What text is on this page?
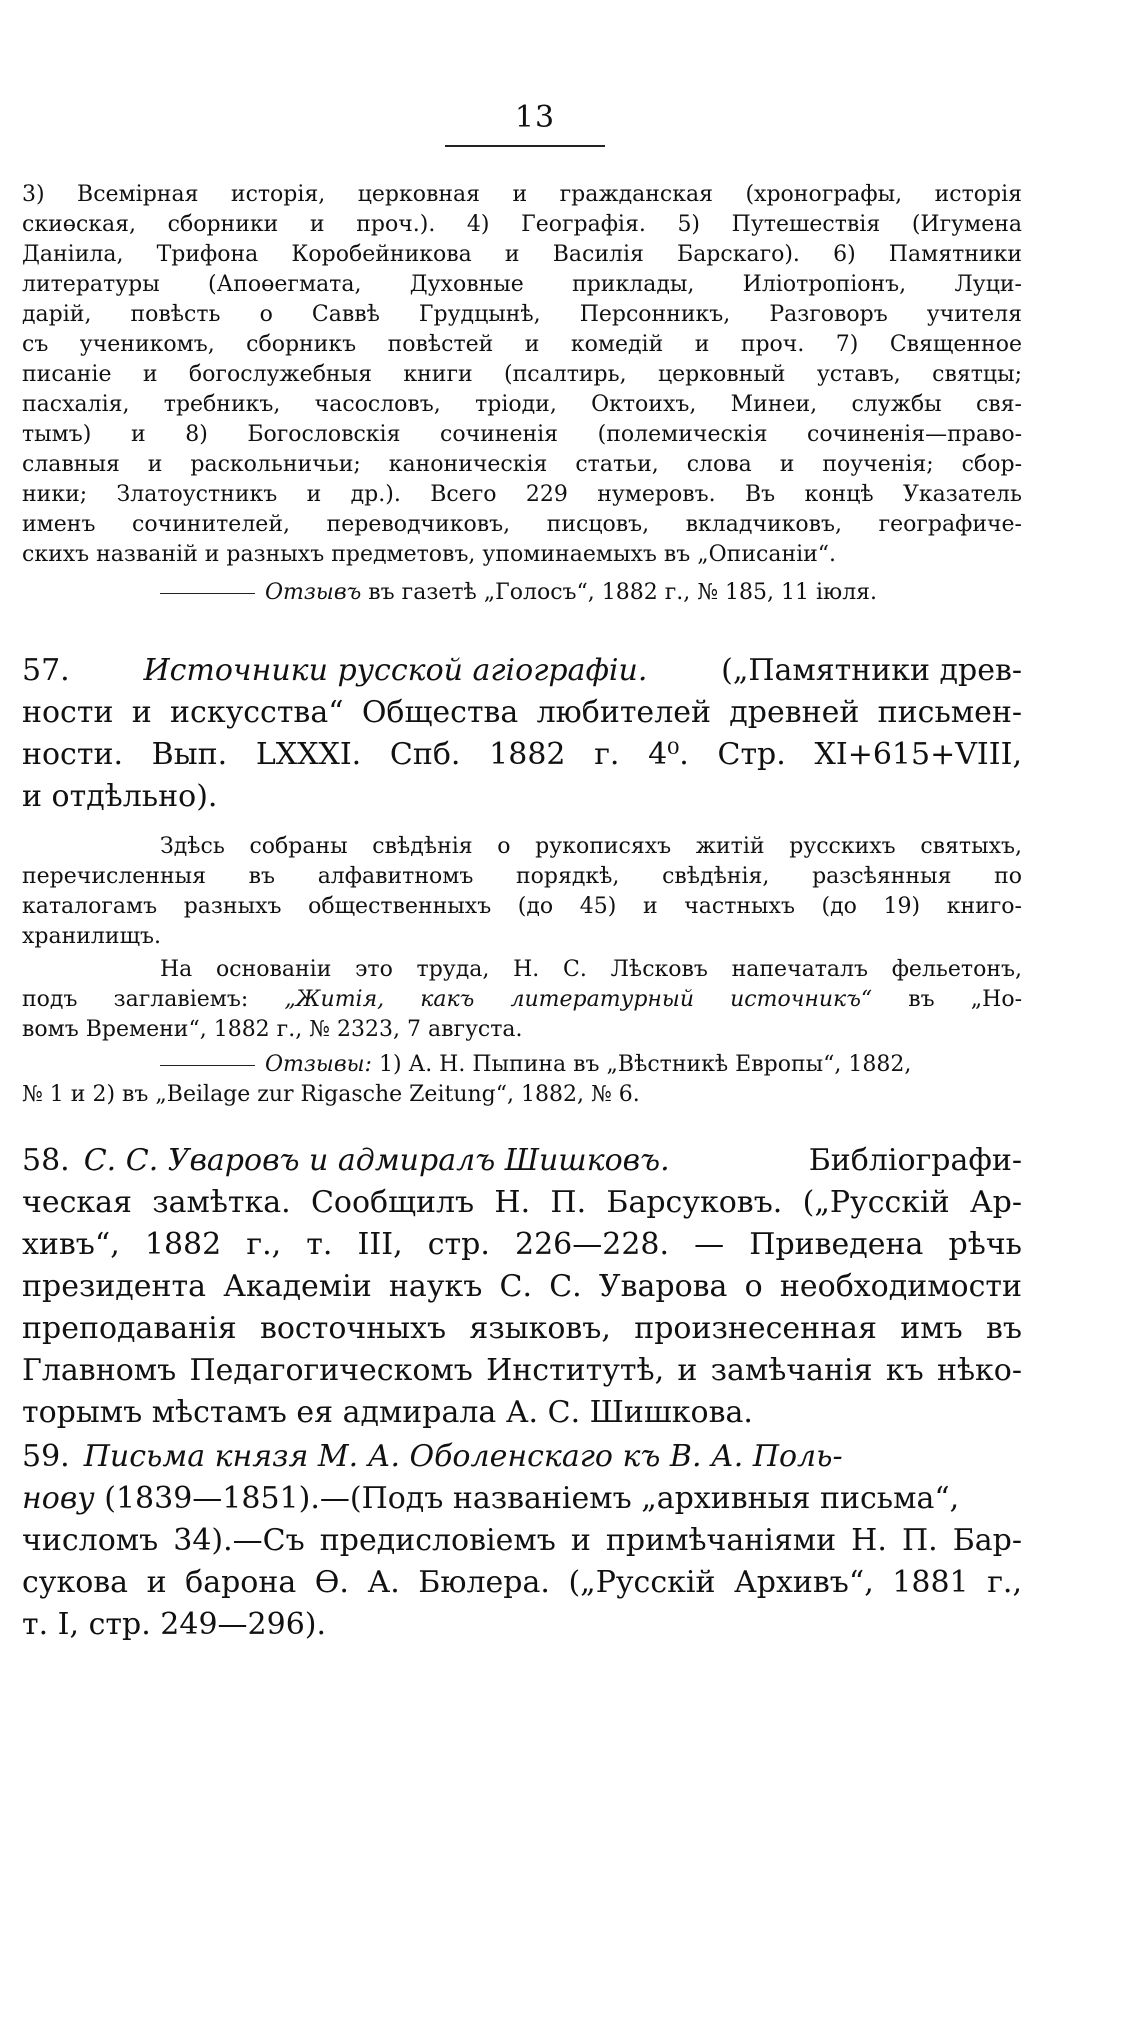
13
3) Всемірная исторія, церковная и гражданская (хронографы, исторія
скиөская, сборники и проч.). 4) Географія. 5) Путешествія (Игумена
Даніила, Трифона Коробейникова и Василія Барскаго). 6) Памятники
литературы (Апоөегмата, Духовные приклады, Иліотропіонъ, Луци-
дарій, повѣсть о Саввѣ Грудцынѣ, Персонникъ, Разговоръ учителя
съ ученикомъ, сборникъ повѣстей и комедій и проч. 7) Священное
писаніе и богослужебныя книги (псалтирь, церковный уставъ, святцы;
пасхалія, требникъ, часословъ, тріоди, Октоихъ, Минеи, службы свя-
тымъ) и 8) Богословскія сочиненія (полемическія сочиненія—право-
славныя и раскольничьи; каноническія статьи, слова и поученія; сбор-
ники; Златоустникъ и др.). Всего 229 нумеровъ. Въ концѣ Указатель
именъ сочинителей, переводчиковъ, писцовъ, вкладчиковъ, географиче-
скихъ названій и разныхъ предметовъ, упоминаемыхъ въ „Описаніи“.
Отзывъ въ газетѣ „Голосъ“, 1882 г., № 185, 11 іюля.
57. Источники русской агіографіи. („Памятники древ-
ности и искусства“ Общества любителей древней письмен-
ности. Вып. LXXXI. Спб. 1882 г. 4⁰. Стр. XI+615+VIII,
и отдѣльно).
Здѣсь собраны свѣдѣнія о рукописяхъ житій русскихъ святыхъ,
перечисленныя въ алфавитномъ порядкѣ, свѣдѣнія, разсѣянныя по
каталогамъ разныхъ общественныхъ (до 45) и частныхъ (до 19) книго-
хранилищъ.
На основаніи это труда, Н. С. Лѣсковъ напечаталъ фельетонъ,
подъ заглавіемъ: „Житія, какъ литературный источникъ“ въ „Но-
вомъ Времени“, 1882 г., № 2323, 7 августа.
Отзывы: 1) А. Н. Пыпина въ „Вѣстникѣ Европы“, 1882,
№ 1 и 2) въ „Beilage zur Rigasche Zeitung“, 1882, № 6.
58. С. С. Уваровъ и адмиралъ Шишковъ.	Библіографи-
ческая замѣтка. Сообщилъ Н. П. Барсуковъ. („Русскій Ар-
хивъ“, 1882 г., т. III, стр. 226—228. — Приведена рѣчь
президента Академіи наукъ С. С. Уварова о необходимости
преподаванія восточныхъ языковъ, произнесенная имъ въ
Главномъ Педагогическомъ Институтѣ, и замѣчанія къ нѣко-
торымъ мѣстамъ ея адмирала А. С. Шишкова.
59. Письма князя М. А. Оболенскаго къ В. А. Поль-
нову (1839—1851).—(Подъ названіемъ „архивныя письма“,
числомъ 34).—Съ предисловіемъ и примѣчаніями Н. П. Бар-
сукова и барона Ө. А. Бюлера. („Русскій Архивъ“, 1881 г.,
т. I, стр. 249—296).
